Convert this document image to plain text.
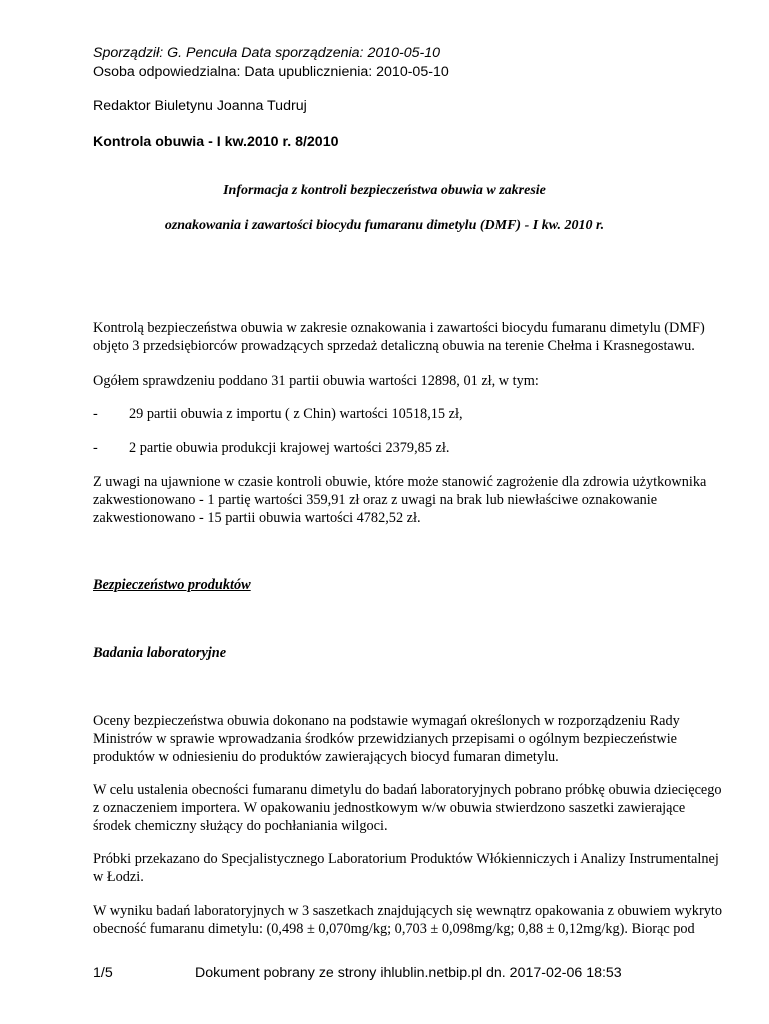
Sporządził: G. Pencuła Data sporządzenia: 2010-05-10
Osoba odpowiedzialna: Data upublicznienia: 2010-05-10
Redaktor Biuletynu Joanna Tudruj
Kontrola obuwia - I kw.2010 r. 8/2010
Informacja z kontroli bezpieczeństwa obuwia w zakresie
oznakowania i zawartości biocydu fumaranu dimetylu (DMF) - I kw. 2010 r.
Kontrolą bezpieczeństwa obuwia w zakresie oznakowania i zawartości biocydu fumaranu dimetylu (DMF)
objęto 3 przedsiębiorców prowadzących sprzedaż detaliczną obuwia na terenie Chełma i Krasnegostawu.
Ogółem sprawdzeniu poddano 31 partii obuwia wartości 12898, 01 zł, w tym:
- 29 partii obuwia z importu ( z Chin) wartości 10518,15 zł,
- 2 partie obuwia produkcji krajowej wartości 2379,85 zł.
Z uwagi na ujawnione w czasie kontroli obuwie, które może stanowić zagrożenie dla zdrowia użytkownika
zakwestionowano - 1 partię wartości 359,91 zł oraz z uwagi na brak lub niewłaściwe oznakowanie
zakwestionowano - 15 partii obuwia wartości 4782,52 zł.
Bezpieczeństwo produktów
Badania laboratoryjne
Oceny bezpieczeństwa obuwia dokonano na podstawie wymagań określonych w rozporządzeniu Rady
Ministrów w sprawie wprowadzania środków przewidzianych przepisami o ogólnym bezpieczeństwie
produktów w odniesieniu do produktów zawierających biocyd fumaran dimetylu.
W celu ustalenia obecności fumaranu dimetylu do badań laboratoryjnych pobrano próbkę obuwia dziecięcego
z oznaczeniem importera. W opakowaniu jednostkowym w/w obuwia stwierdzono saszetki zawierające
środek chemiczny służący do pochłaniania wilgoci.
Próbki przekazano do Specjalistycznego Laboratorium Produktów Włókienniczych i Analizy Instrumentalnej
w Łodzi.
W wyniku badań laboratoryjnych w 3 saszetkach znajdujących się wewnątrz opakowania z obuwiem wykryto
obecność fumaranu dimetylu: (0,498 ± 0,070mg/kg; 0,703 ± 0,098mg/kg; 0,88 ± 0,12mg/kg). Biorąc pod
1/5	Dokument pobrany ze strony ihlublin.netbip.pl dn. 2017-02-06 18:53
